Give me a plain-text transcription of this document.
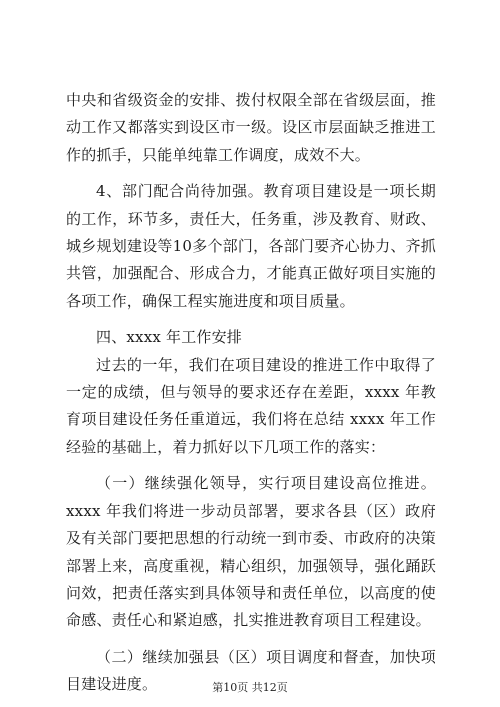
中央和省级资金的安排、拨付权限全部在省级层面，推动工作又都落实到设区市一级。设区市层面缺乏推进工作的抓手，只能单纯靠工作调度，成效不大。

4、部门配合尚待加强。教育项目建设是一项长期的工作，环节多，责任大，任务重，涉及教育、财政、城乡规划建设等10多个部门，各部门要齐心协力、齐抓共管，加强配合、形成合力，才能真正做好项目实施的各项工作，确保工程实施进度和项目质量。

四、xxxx 年工作安排

过去的一年，我们在项目建设的推进工作中取得了一定的成绩，但与领导的要求还存在差距，xxxx 年教育项目建设任务任重道远，我们将在总结 xxxx 年工作经验的基础上，着力抓好以下几项工作的落实：

（一）继续强化领导，实行项目建设高位推进。xxxx 年我们将进一步动员部署，要求各县（区）政府及有关部门要把思想的行动统一到市委、市政府的决策部署上来，高度重视，精心组织，加强领导，强化踊跃问效，把责任落实到具体领导和责任单位，以高度的使命感、责任心和紧迫感，扎实推进教育项目工程建设。

（二）继续加强县（区）项目调度和督查，加快项目建设进度。	第10页 共12页
